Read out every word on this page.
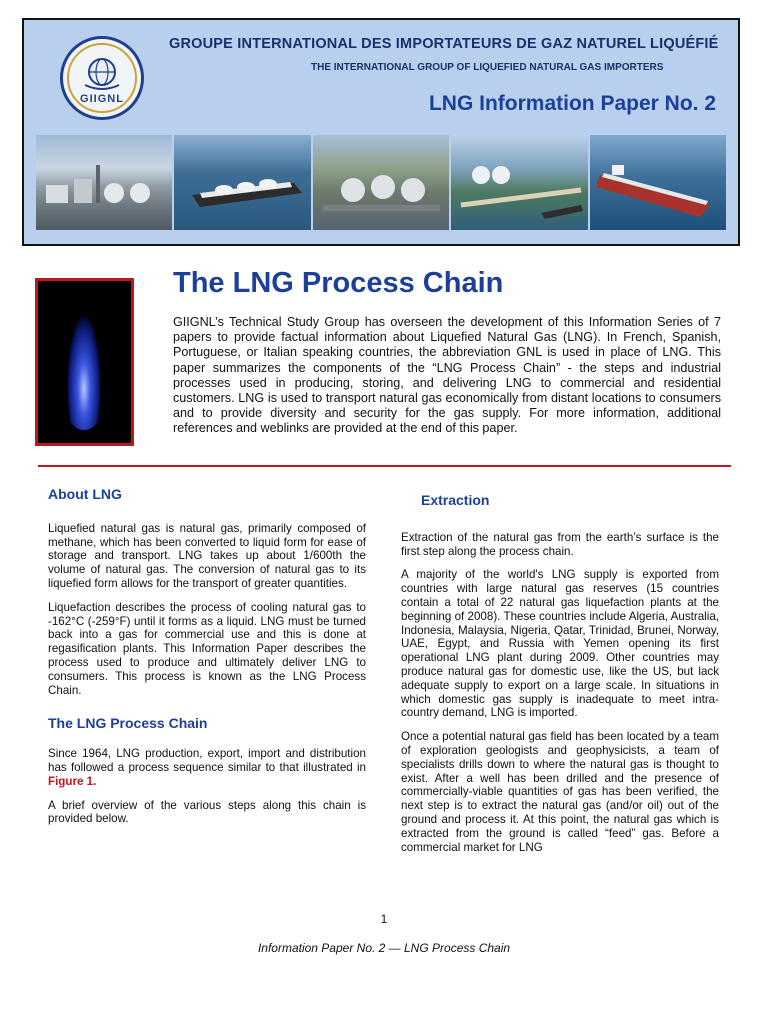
GIIGNL
GROUPE INTERNATIONAL DES IMPORTATEURS DE GAZ NATUREL LIQUÉFIÉ
THE INTERNATIONAL GROUP OF LIQUEFIED NATURAL GAS IMPORTERS
LNG Information Paper No. 2
The LNG Process Chain

GIIGNL’s Technical Study Group has overseen the development of this Information Series of 7 papers to provide factual information about Liquefied Natural Gas (LNG). In French, Spanish, Portuguese, or Italian speaking countries, the abbreviation GNL is used in place of LNG. This paper summarizes the components of the “LNG Process Chain” - the steps and industrial processes used in producing, storing, and delivering LNG to commercial and residential customers. LNG is used to transport natural gas economically from distant locations to consumers and to provide diversity and security for the gas supply. For more information, additional references and weblinks are provided at the end of this paper.

About LNG

Liquefied natural gas is natural gas, primarily composed of methane, which has been converted to liquid form for ease of storage and transport. LNG takes up about 1/600th the volume of natural gas. The conversion of natural gas to its liquefied form allows for the transport of greater quantities.

Liquefaction describes the process of cooling natural gas to -162°C (-259°F) until it forms as a liquid. LNG must be turned back into a gas for commercial use and this is done at regasification plants. This Information Paper describes the process used to produce and ultimately deliver LNG to consumers. This process is known as the LNG Process Chain.

The LNG Process Chain

Since 1964, LNG production, export, import and distribution has followed a process sequence similar to that illustrated in Figure 1.

A brief overview of the various steps along this chain is provided below.

Extraction

Extraction of the natural gas from the earth’s surface is the first step along the process chain.

A majority of the world's LNG supply is exported from countries with large natural gas reserves (15 countries contain a total of 22 natural gas liquefaction plants at the beginning of 2008). These countries include Algeria, Australia, Indonesia, Malaysia, Nigeria, Qatar, Trinidad, Brunei, Norway, UAE, Egypt, and Russia with Yemen opening its first operational LNG plant during 2009. Other countries may produce natural gas for domestic use, like the US, but lack adequate supply to export on a large scale. In situations in which domestic gas supply is inadequate to meet intra-country demand, LNG is imported.

Once a potential natural gas field has been located by a team of exploration geologists and geophysicists, a team of specialists drills down to where the natural gas is thought to exist. After a well has been drilled and the presence of commercially-viable quantities of gas has been verified, the next step is to extract the natural gas (and/or oil) out of the ground and process it. At this point, the natural gas which is extracted from the ground is called “feed” gas. Before a commercial market for LNG

1
Information Paper No. 2 — LNG Process Chain
